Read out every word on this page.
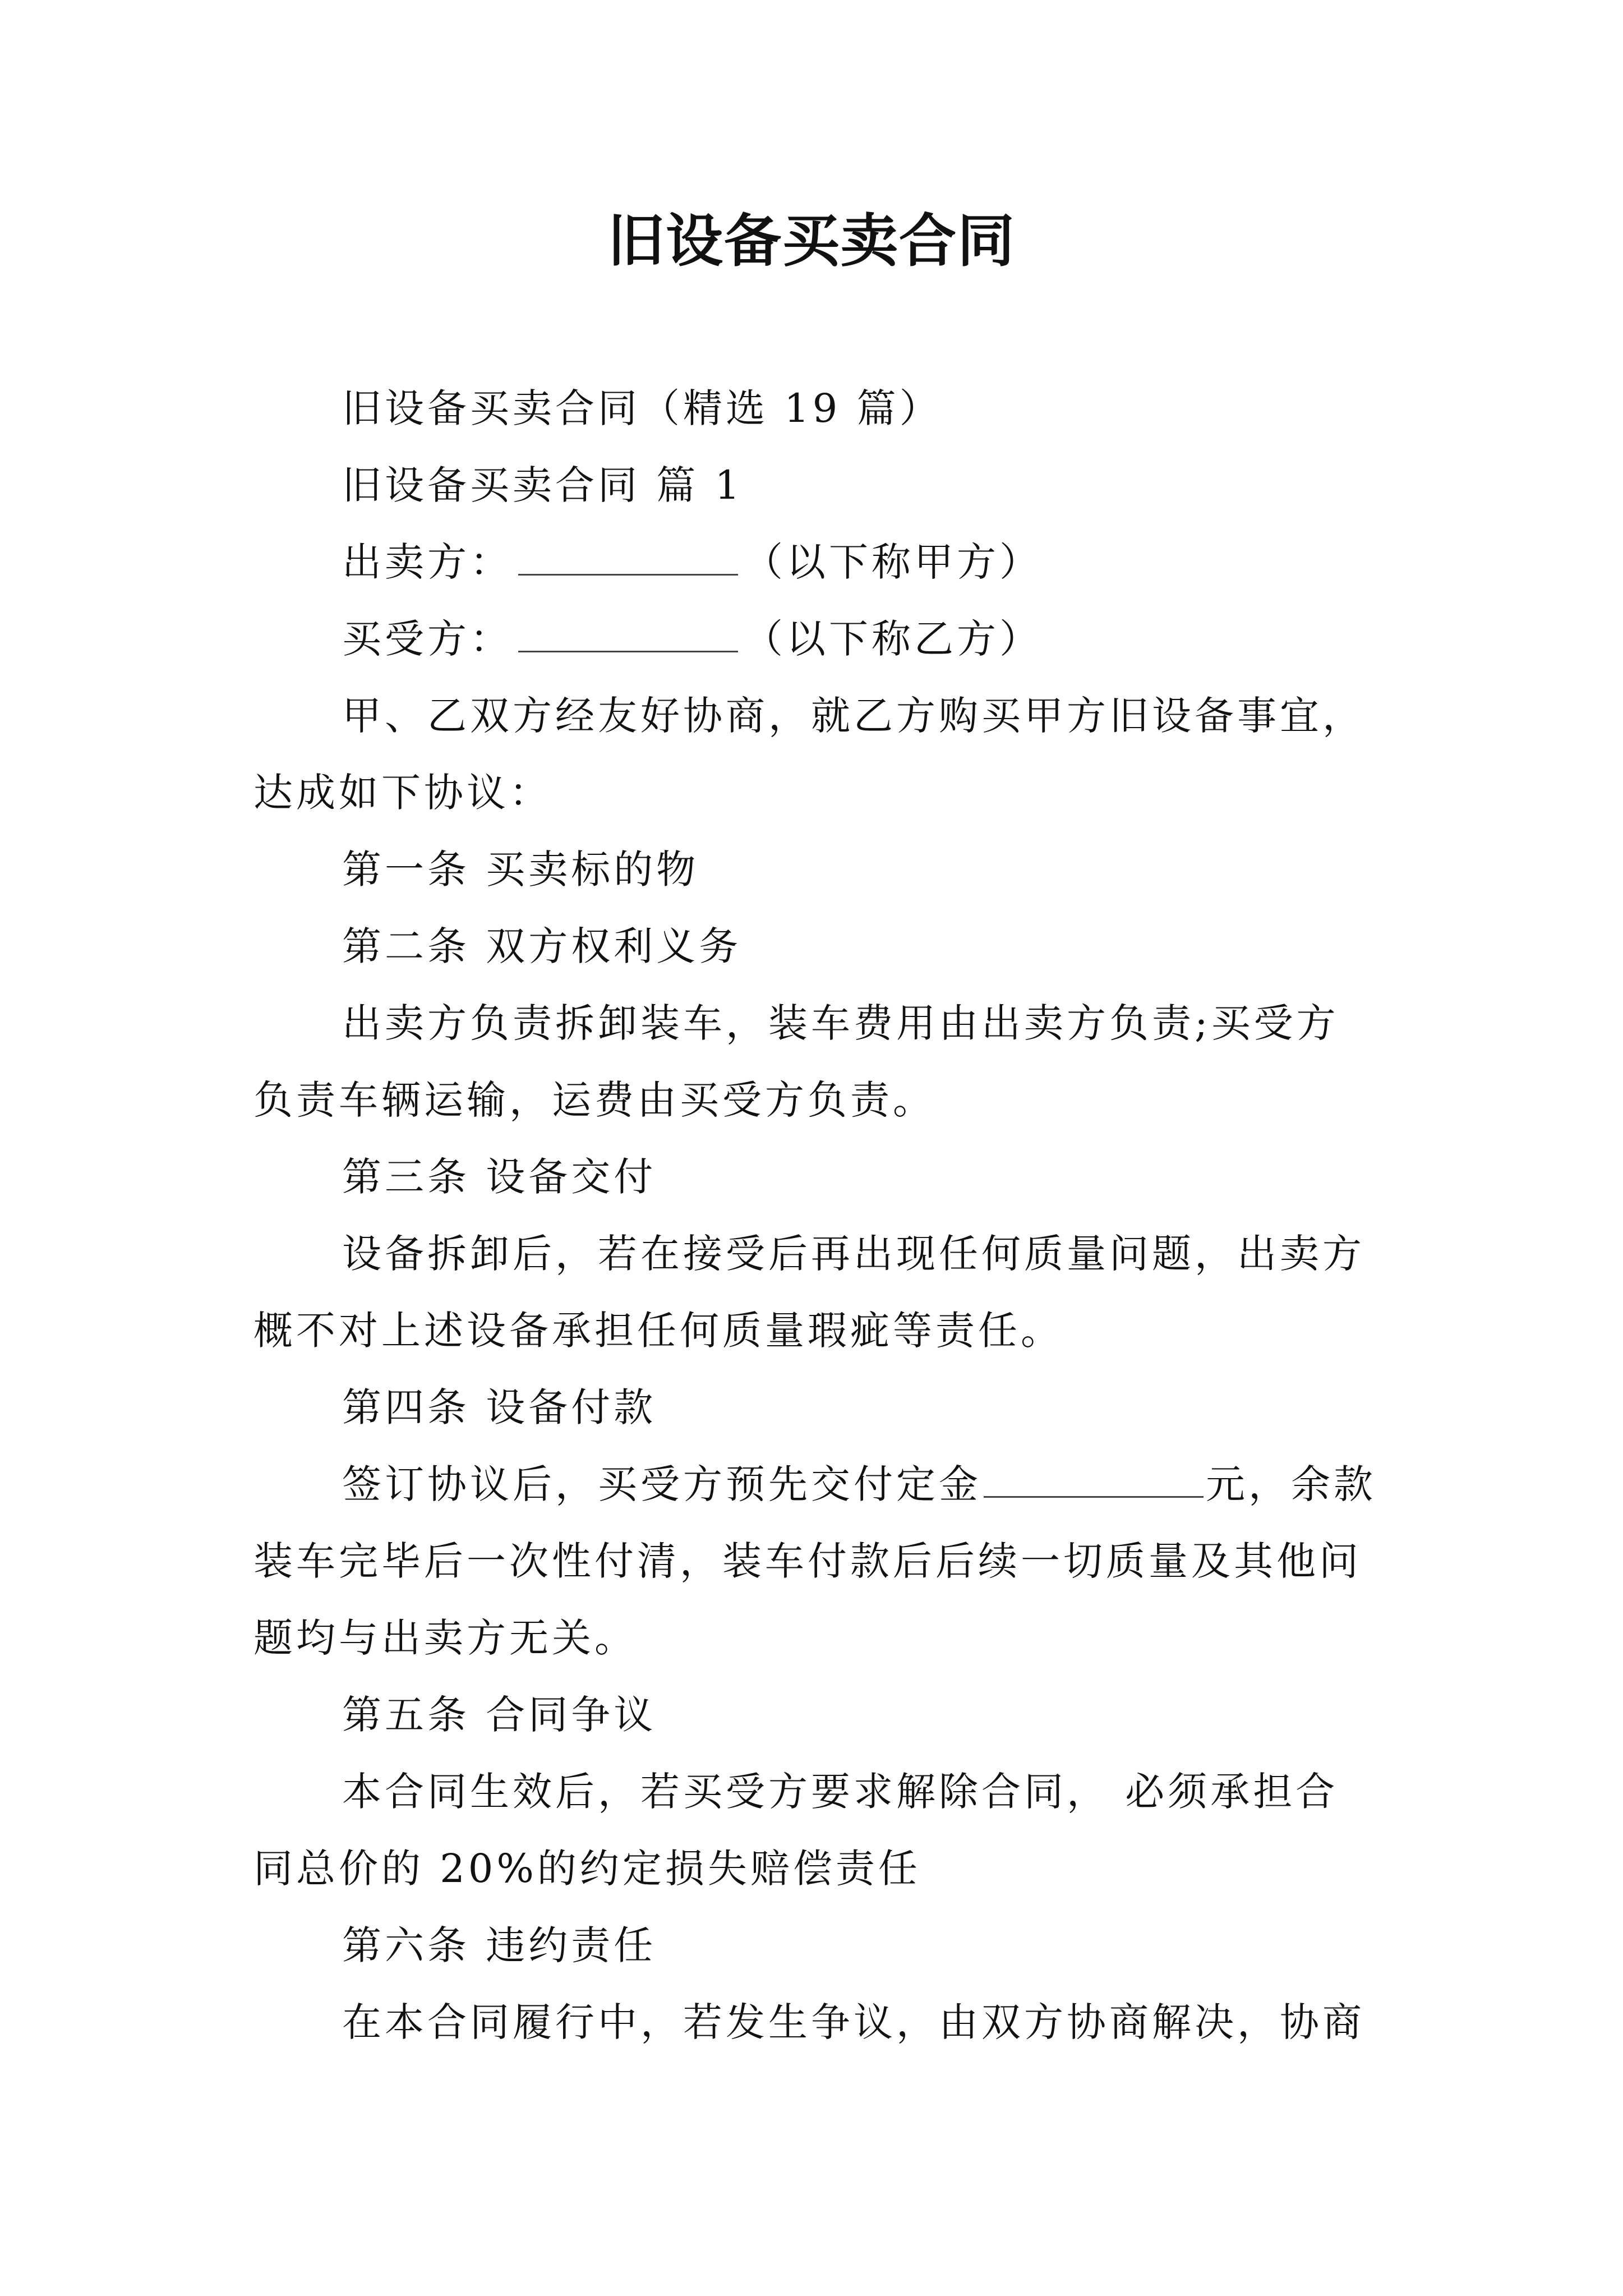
旧设备买卖合同

旧设备买卖合同（精选 19 篇）

旧设备买卖合同 篇 1

出卖方：	（以下称甲方）

买受方：	（以下称乙方）

甲、乙双方经友好协商，就乙方购买甲方旧设备事宜，

达成如下协议：

第一条 买卖标的物

第二条 双方权利义务

出卖方负责拆卸装车，装车费用由出卖方负责;买受方

负责车辆运输，运费由买受方负责。

第三条 设备交付

设备拆卸后，若在接受后再出现任何质量问题，出卖方

概不对上述设备承担任何质量瑕疵等责任。

第四条 设备付款

签订协议后，买受方预先交付定金	元，余款

装车完毕后一次性付清，装车付款后后续一切质量及其他问

题均与出卖方无关。

第五条 合同争议

本合同生效后，若买受方要求解除合同， 必须承担合

同总价的 20%的约定损失赔偿责任

第六条 违约责任

在本合同履行中，若发生争议，由双方协商解决，协商
